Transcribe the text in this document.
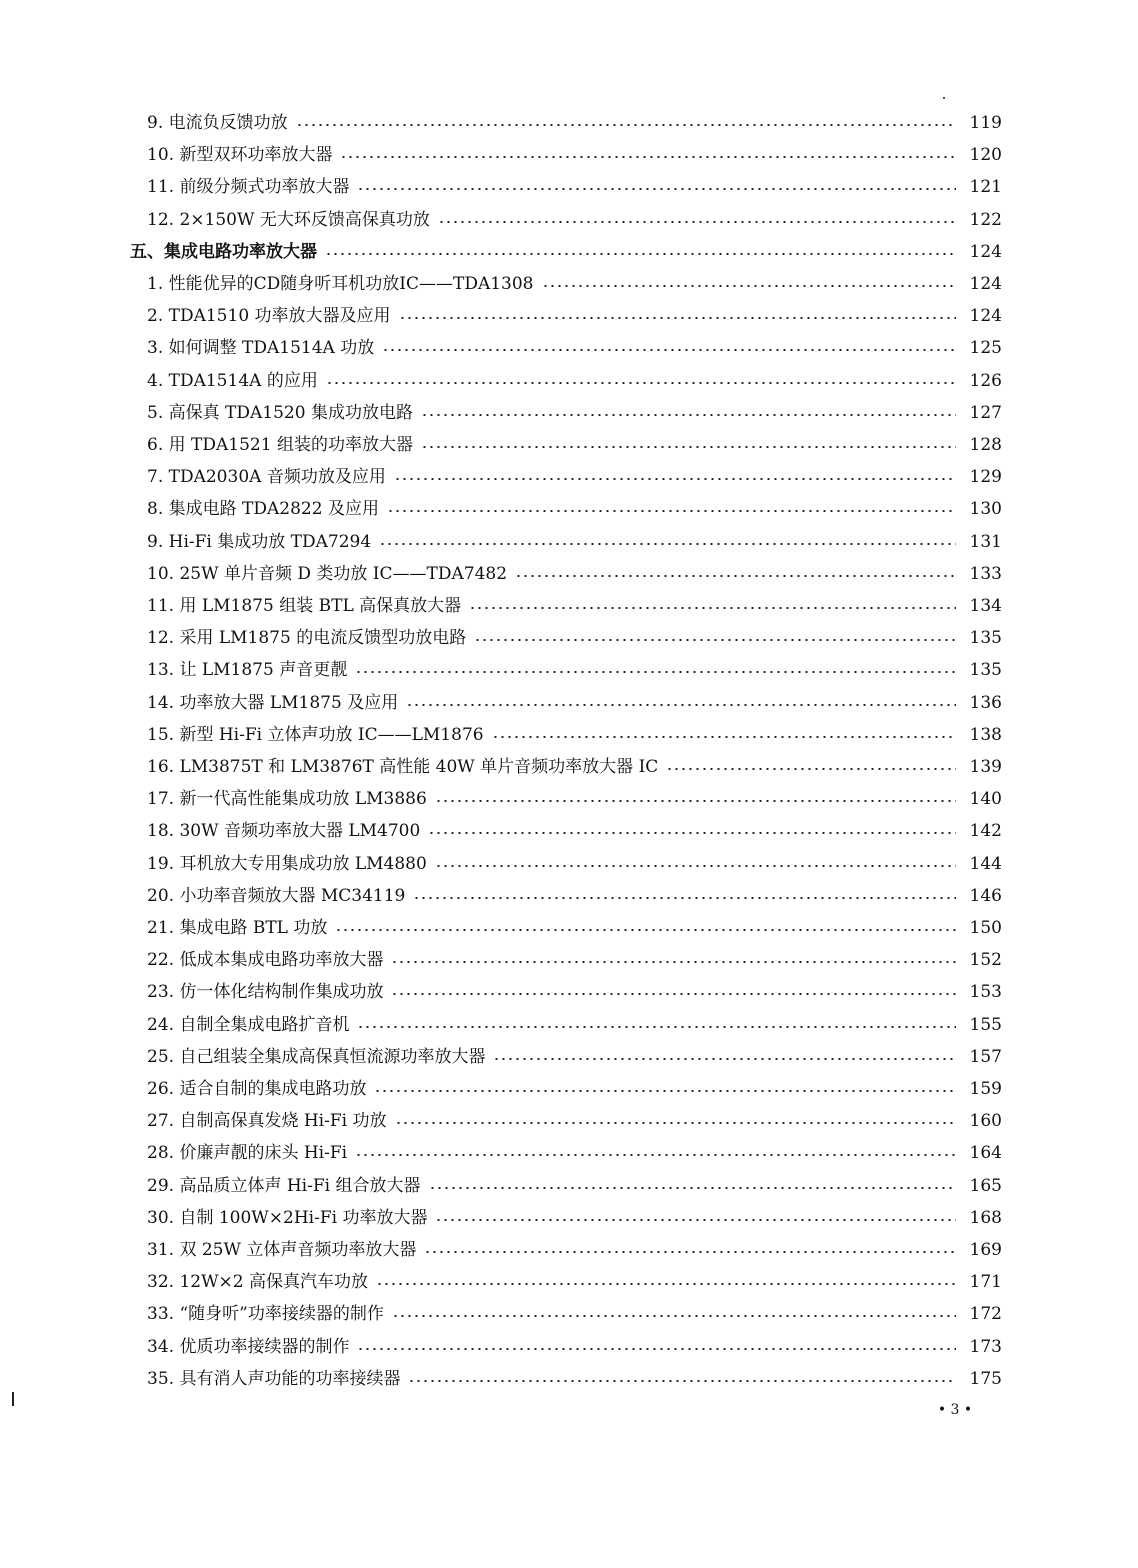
9. 电流负反馈功放	119
10. 新型双环功率放大器	120
11. 前级分频式功率放大器	121
12. 2×150W 无大环反馈高保真功放	122
五、集成电路功率放大器	124
1. 性能优异的CD随身听耳机功放IC——TDA1308	124
2. TDA1510 功率放大器及应用	124
3. 如何调整 TDA1514A 功放	125
4. TDA1514A 的应用	126
5. 高保真 TDA1520 集成功放电路	127
6. 用 TDA1521 组装的功率放大器	128
7. TDA2030A 音频功放及应用	129
8. 集成电路 TDA2822 及应用	130
9. Hi-Fi 集成功放 TDA7294	131
10. 25W 单片音频 D 类功放 IC——TDA7482	133
11. 用 LM1875 组装 BTL 高保真放大器	134
12. 采用 LM1875 的电流反馈型功放电路	135
13. 让 LM1875 声音更靓	135
14. 功率放大器 LM1875 及应用	136
15. 新型 Hi-Fi 立体声功放 IC——LM1876	138
16. LM3875T 和 LM3876T 高性能 40W 单片音频功率放大器 IC	139
17. 新一代高性能集成功放 LM3886	140
18. 30W 音频功率放大器 LM4700	142
19. 耳机放大专用集成功放 LM4880	144
20. 小功率音频放大器 MC34119	146
21. 集成电路 BTL 功放	150
22. 低成本集成电路功率放大器	152
23. 仿一体化结构制作集成功放	153
24. 自制全集成电路扩音机	155
25. 自己组装全集成高保真恒流源功率放大器	157
26. 适合自制的集成电路功放	159
27. 自制高保真发烧 Hi-Fi 功放	160
28. 价廉声靓的床头 Hi-Fi	164
29. 高品质立体声 Hi-Fi 组合放大器	165
30. 自制 100W×2Hi-Fi 功率放大器	168
31. 双 25W 立体声音频功率放大器	169
32. 12W×2 高保真汽车功放	171
33. “随身听”功率接续器的制作	172
34. 优质功率接续器的制作	173
35. 具有消人声功能的功率接续器	175
• 3 •
